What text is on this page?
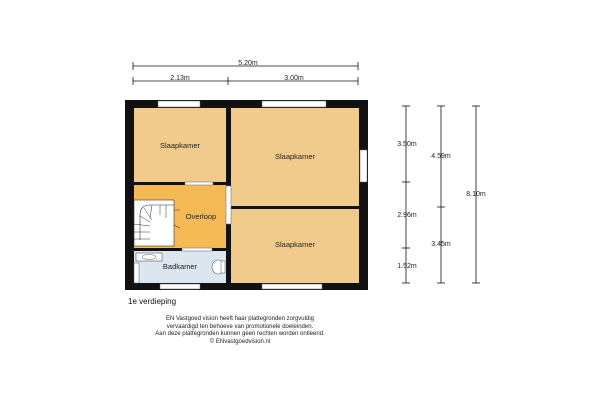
5.20m
2.13m	3.00m
3.50m
2.96m
1.52m
4.59m
3.45m
8.10m
Slaapkamer
Slaapkamer
Slaapkamer
Overloop
Badkamer
1e verdieping
EN Vastgoed vision heeft haar plattegronden zorgvuldig
vervaardigd ten behoeve van promotionele doeleinden.
Aan deze plattegronden kunnen geen rechten worden ontleend.
© ENvastgoedvision.nl
